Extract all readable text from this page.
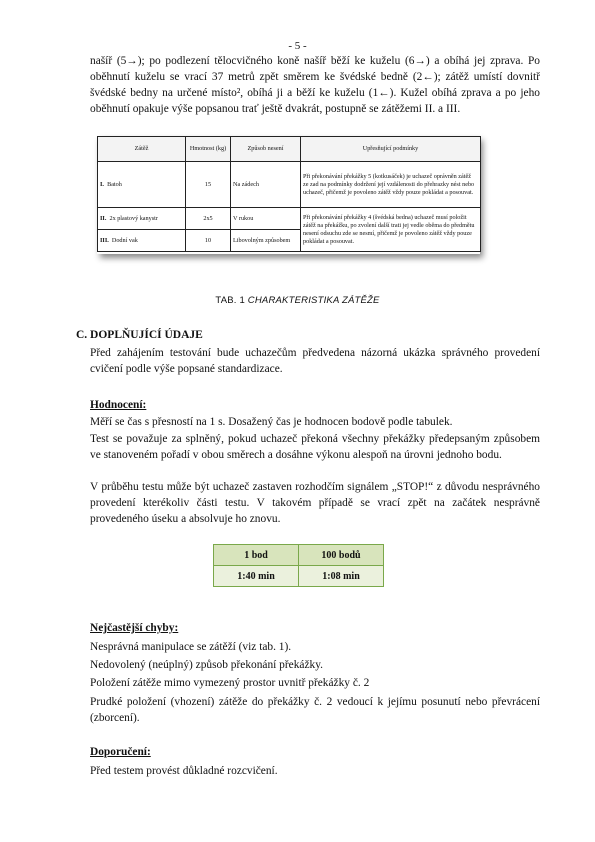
- 5 -

našíř (5→); po podlezení tělocvičného koně našíř běží ke kuželu (6→) a obíhá jej zprava. Po oběhnutí kuželu se vrací 37 metrů zpět směrem ke švédské bedně (2←); zátěž umístí dovnitř švédské bedny na určené místo², obíhá ji a běží ke kuželu (1←). Kužel obíhá zprava a po jeho oběhnutí opakuje výše popsanou trať ještě dvakrát, postupně se zátěžemi II. a III.

Zátěž	Hmotnost (kg)	Způsob nesení	Upřesňující podmínky
I. Batoh	15	Na zádech	Při překonávání překážky 5 (kotkusáček) je uchazeč oprávněn zátěž ze zad na podmínky dodržení její vzdálenosti do přehrazky nést nebo uchazeč, přičemž je povoleno zátěž vždy pouze pokládat a posouvat.
II. 2x plastový kanystr	2x5	V rukou	Při překonávání překážky 4 (švédská bedna) uchazeč musí položit zátěž na překážku, po zvolení další trati jej vedle oběma do předmětu nesení odsuchu zde se nesmí, přičemž je povoleno zátěž vždy pouze pokládat a posouvat.
III. Dodní vak	10	Libovolným způsobem	
TAB. 1 CHARAKTERISTIKA ZÁTĚŽE
C. DOPLŇUJÍCÍ ÚDAJE
Před zahájením testování bude uchazečům předvedena názorná ukázka správného provedení cvičení podle výše popsané standardizace.
Hodnocení:
Měří se čas s přesností na 1 s. Dosažený čas je hodnocen bodově podle tabulek.
Test se považuje za splněný, pokud uchazeč překoná všechny překážky předepsaným způsobem ve stanoveném pořadí v obou směrech a dosáhne výkonu alespoň na úrovni jednoho bodu.
V průběhu testu může být uchazeč zastaven rozhodčím signálem „STOP!“ z důvodu nesprávného provedení kterékoliv části testu. V takovém případě se vrací zpět na začátek nesprávně provedeného úseku a absolvuje ho znovu.
1 bod	100 bodů
1:40 min	1:08 min
Nejčastější chyby:
Nesprávná manipulace se zátěží (viz tab. 1).
Nedovolený (neúplný) způsob překonání překážky.
Položení zátěže mimo vymezený prostor uvnitř překážky č. 2
Prudké položení (vhození) zátěže do překážky č. 2 vedoucí k jejímu posunutí nebo převrácení (zborcení).
Doporučení:
Před testem provést důkladné rozcvičení.
